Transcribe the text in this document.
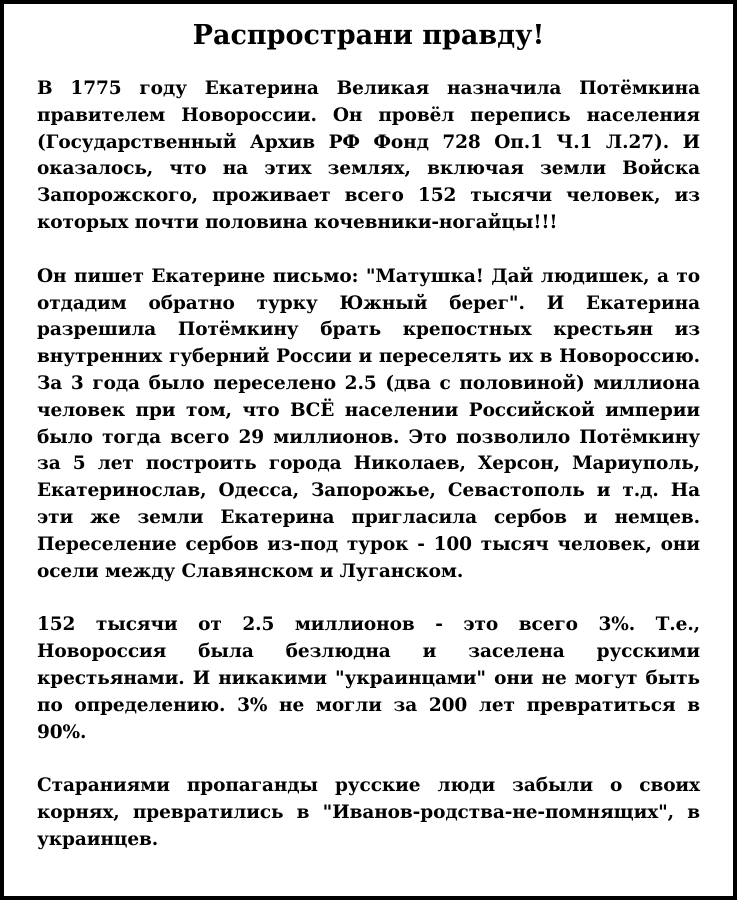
Распространи правду!

В 1775 году Екатерина Великая назначила Потёмкина правителем Новороссии. Он провёл перепись населения (Государственный Архив РФ Фонд 728 Оп.1 Ч.1 Л.27). И оказалось, что на этих землях, включая земли Войска Запорожского, проживает всего 152 тысячи человек, из которых почти половина кочевники-ногайцы!!!

Он пишет Екатерине письмо: "Матушка! Дай людишек, а то отдадим обратно турку Южный берег". И Екатерина разрешила Потёмкину брать крепостных крестьян из внутренних губерний России и переселять их в Новороссию. За 3 года было переселено 2.5 (два с половиной) миллиона человек при том, что ВСЁ населении Российской империи было тогда всего 29 миллионов. Это позволило Потёмкину за 5 лет построить города Николаев, Херсон, Мариуполь, Екатеринослав, Одесса, Запорожье, Севастополь и т.д. На эти же земли Екатерина пригласила сербов и немцев. Переселение сербов из-под турок - 100 тысяч человек, они осели между Славянском и Луганском.

152 тысячи от 2.5 миллионов - это всего 3%. Т.е., Новороссия была безлюдна и заселена русскими крестьянами. И никакими "украинцами" они не могут быть по определению. 3% не могли за 200 лет превратиться в 90%.

Стараниями пропаганды русские люди забыли о своих корнях, превратились в "Иванов-родства-не-помнящих", в украинцев.
